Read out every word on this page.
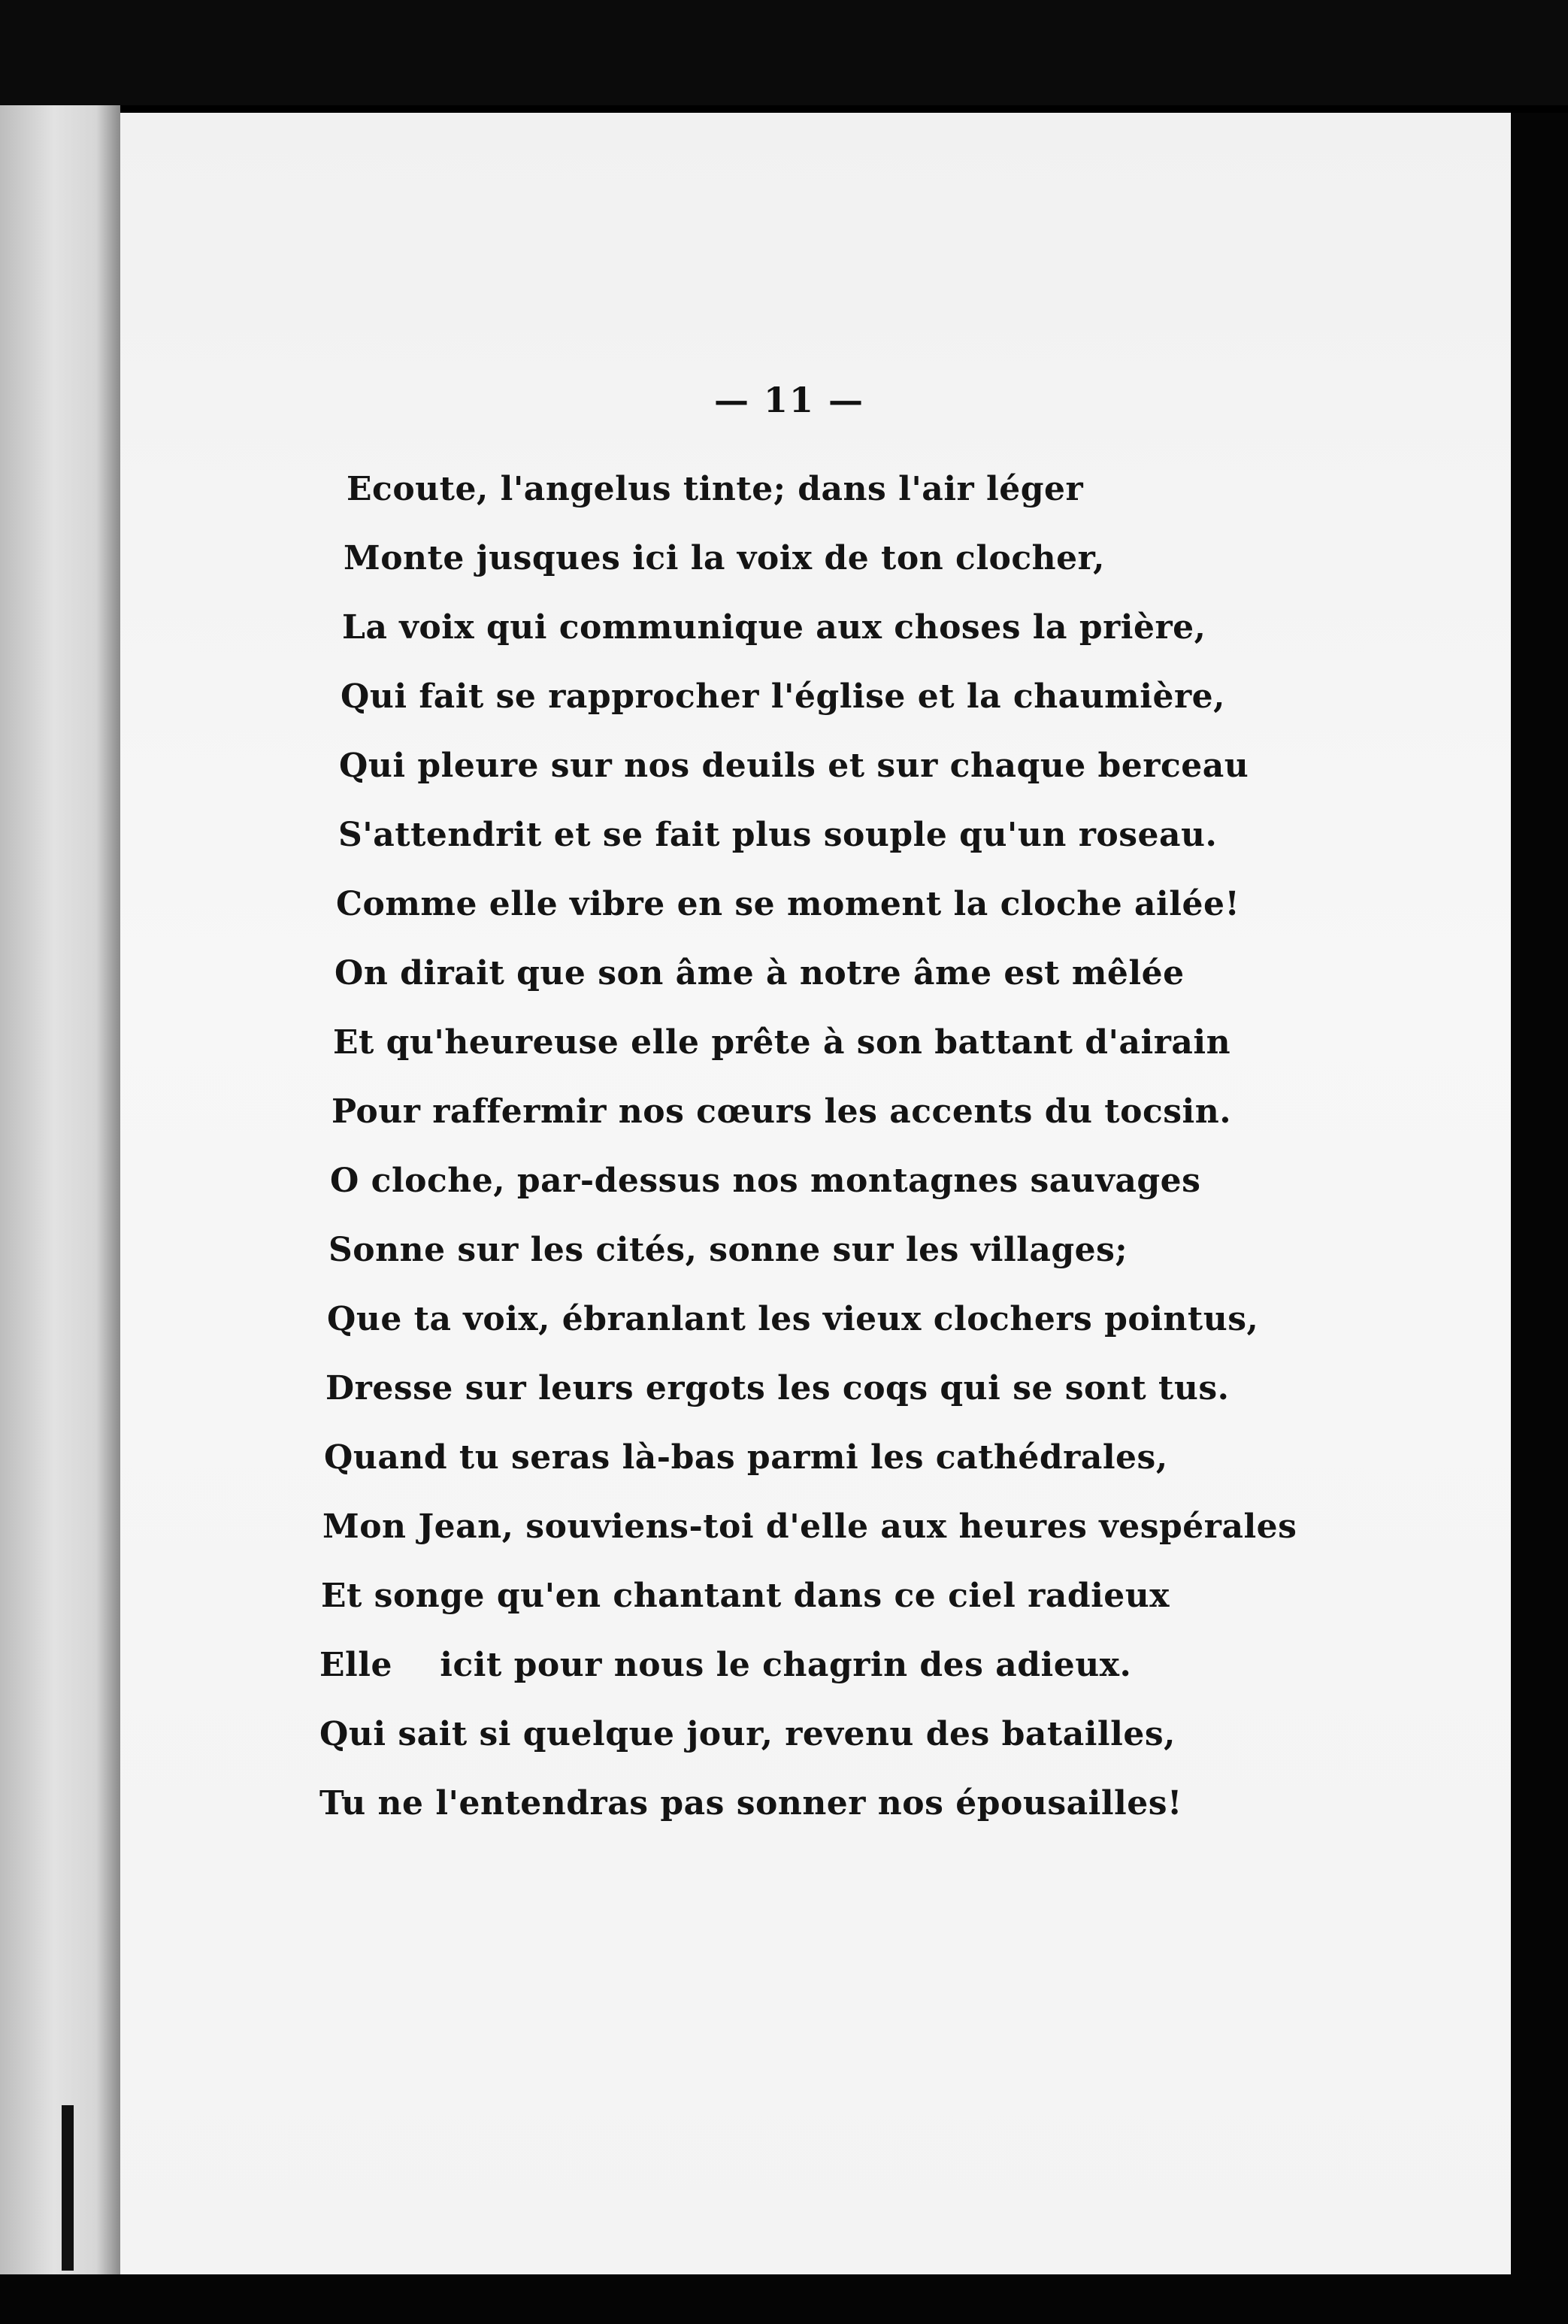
— 11 —
Ecoute, l'angelus tinte; dans l'air léger
Monte jusques ici la voix de ton clocher,
La voix qui communique aux choses la prière,
Qui fait se rapprocher l'église et la chaumière,
Qui pleure sur nos deuils et sur chaque berceau
S'attendrit et se fait plus souple qu'un roseau.
Comme elle vibre en se moment la cloche ailée!
On dirait que son âme à notre âme est mêlée
Et qu'heureuse elle prête à son battant d'airain
Pour raffermir nos cœurs les accents du tocsin.
O cloche, par-dessus nos montagnes sauvages
Sonne sur les cités, sonne sur les villages;
Que ta voix, ébranlant les vieux clochers pointus,
Dresse sur leurs ergots les coqs qui se sont tus.
Quand tu seras là-bas parmi les cathédrales,
Mon Jean, souviens-toi d'elle aux heures vespérales
Et songe qu'en chantant dans ce ciel radieux
Elle    icit pour nous le chagrin des adieux.
Qui sait si quelque jour, revenu des batailles,
Tu ne l'entendras pas sonner nos épousailles!
